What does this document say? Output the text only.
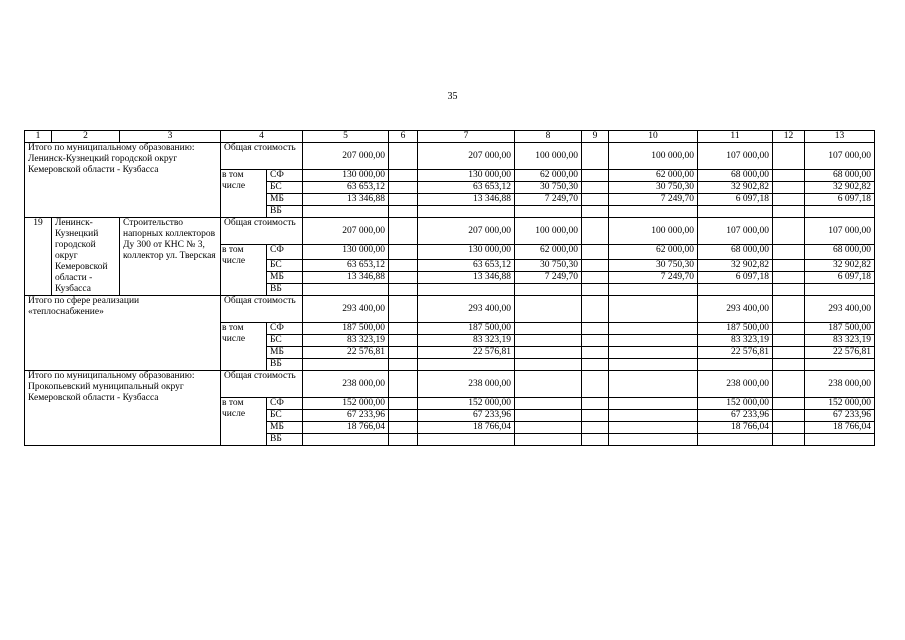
35
1	2	3	4		5	6	7	8	9	10	11	12	13
Итого по муниципальному образованию: Ленинск-Кузнецкий городской округ Кемеровской области - Кузбасса			Общая стоимость		207 000,00		207 000,00	100 000,00		100 000,00	107 000,00		107 000,00
			в том числе	СФ	130 000,00		130 000,00	62 000,00		62 000,00	68 000,00		68 000,00
				БС	63 653,12		63 653,12	30 750,30		30 750,30	32 902,82		32 902,82
				МБ	13 346,88		13 346,88	7 249,70		7 249,70	6 097,18		6 097,18
				ВБ									
19	Ленинск-Кузнецкий городской округ Кемеровской области - Кузбасса	Строительство напорных коллекторов Ду 300 от КНС № 3, коллектор ул. Тверская	Общая стоимость		207 000,00		207 000,00	100 000,00		100 000,00	107 000,00		107 000,00
			в том числе	СФ	130 000,00		130 000,00	62 000,00		62 000,00	68 000,00		68 000,00
				БС	63 653,12		63 653,12	30 750,30		30 750,30	32 902,82		32 902,82
				МБ	13 346,88		13 346,88	7 249,70		7 249,70	6 097,18		6 097,18
				ВБ									
Итого по сфере реализации «теплоснабжение»			Общая стоимость		293 400,00		293 400,00				293 400,00		293 400,00
			в том числе	СФ	187 500,00		187 500,00				187 500,00		187 500,00
				БС	83 323,19		83 323,19				83 323,19		83 323,19
				МБ	22 576,81		22 576,81				22 576,81		22 576,81
				ВБ									
Итого по муниципальному образованию: Прокопьевский муниципальный округ Кемеровской области - Кузбасса			Общая стоимость		238 000,00		238 000,00				238 000,00		238 000,00
			в том числе	СФ	152 000,00		152 000,00				152 000,00		152 000,00
				БС	67 233,96		67 233,96				67 233,96		67 233,96
				МБ	18 766,04		18 766,04				18 766,04		18 766,04
				ВБ									
